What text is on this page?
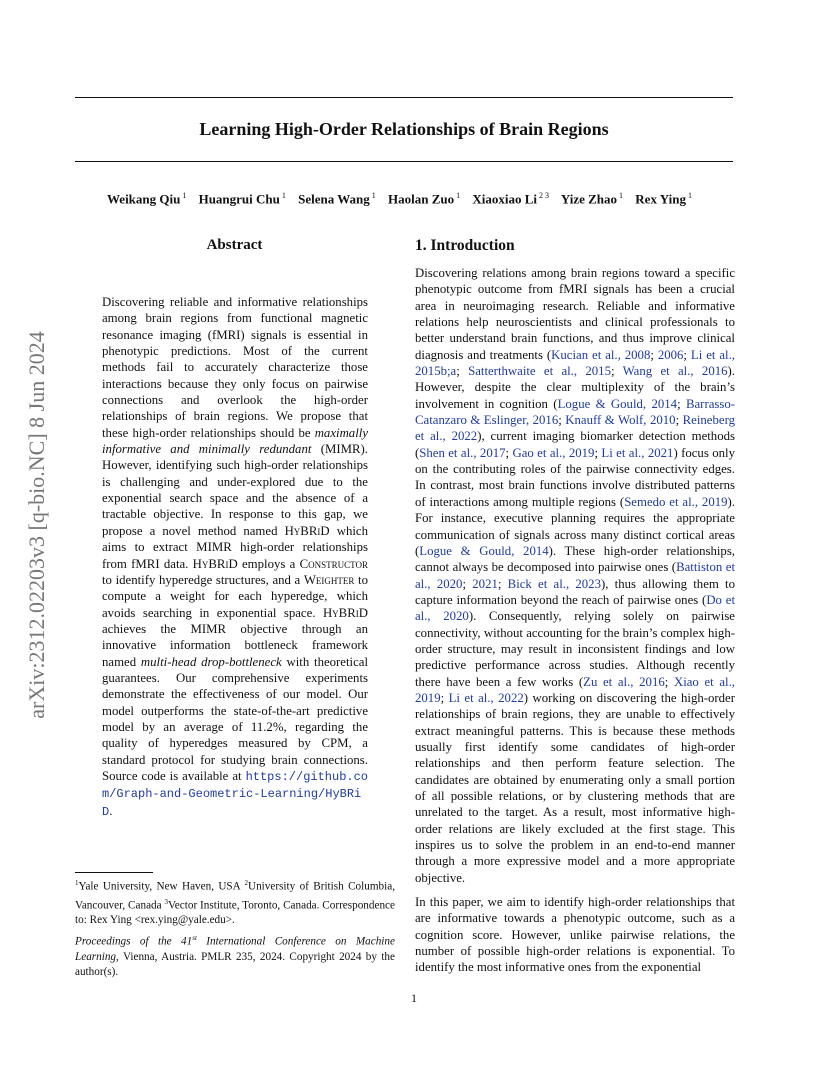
arXiv:2312.02203v3 [q-bio.NC] 8 Jun 2024
Learning High-Order Relationships of Brain Regions
Weikang Qiu $^1$ Huangrui Chu $^1$ Selena Wang $^1$ Haolan Zuo $^1$ Xiaoxiao Li $^{2 3}$ Yize Zhao $^1$ Rex Ying $^1$
Abstract

Discovering reliable and informative relationships among brain regions from functional magnetic resonance imaging (fMRI) signals is essential in phenotypic predictions. Most of the current methods fail to accurately characterize those interactions because they only focus on pairwise connections and overlook the high-order relationships of brain regions. We propose that these high-order relationships should be maximally informative and minimally redundant (MIMR). However, identifying such high-order relationships is challenging and under-explored due to the exponential search space and the absence of a tractable objective. In response to this gap, we propose a novel method named HyBRiD which aims to extract MIMR high-order relationships from fMRI data. HyBRiD employs a Constructor to identify hyperedge structures, and a Weighter to compute a weight for each hyperedge, which avoids searching in exponential space. HyBRiD achieves the MIMR objective through an innovative information bottleneck framework named multi-head drop-bottleneck with theoretical guarantees. Our comprehensive experiments demonstrate the effectiveness of our model. Our model outperforms the state-of-the-art predictive model by an average of 11.2%, regarding the quality of hyperedges measured by CPM, a standard protocol for studying brain connections. Source code is available at https://github.com/Graph-and-Geometric-Learning/HyBRiD.

1. Introduction

Discovering relations among brain regions toward a specific phenotypic outcome from fMRI signals has been a crucial area in neuroimaging research. Reliable and informative relations help neuroscientists and clinical professionals to better understand brain functions, and thus improve clinical diagnosis and treatments (Kucian et al., 2008; 2006; Li et al., 2015b;a; Satterthwaite et al., 2015; Wang et al., 2016). However, despite the clear multiplexity of the brain’s involvement in cognition (Logue & Gould, 2014; Barrasso-Catanzaro & Eslinger, 2016; Knauff & Wolf, 2010; Reineberg et al., 2022), current imaging biomarker detection methods (Shen et al., 2017; Gao et al., 2019; Li et al., 2021) focus only on the contributing roles of the pairwise connectivity edges. In contrast, most brain functions involve distributed patterns of interactions among multiple regions (Semedo et al., 2019). For instance, executive planning requires the appropriate communication of signals across many distinct cortical areas (Logue & Gould, 2014). These high-order relationships, cannot always be decomposed into pairwise ones (Battiston et al., 2020; 2021; Bick et al., 2023), thus allowing them to capture information beyond the reach of pairwise ones (Do et al., 2020). Consequently, relying solely on pairwise connectivity, without accounting for the brain’s complex high-order structure, may result in inconsistent findings and low predictive performance across studies. Although recently there have been a few works (Zu et al., 2016; Xiao et al., 2019; Li et al., 2022) working on discovering the high-order relationships of brain regions, they are unable to effectively extract meaningful patterns. This is because these methods usually first identify some candidates of high-order relationships and then perform feature selection. The candidates are obtained by enumerating only a small portion of all possible relations, or by clustering methods that are unrelated to the target. As a result, most informative high-order relations are likely excluded at the first stage. This inspires us to solve the problem in an end-to-end manner through a more expressive model and a more appropriate objective.

In this paper, we aim to identify high-order relationships that are informative towards a phenotypic outcome, such as a cognition score. However, unlike pairwise relations, the number of possible high-order relations is exponential. To identify the most informative ones from the exponential

$^1$Yale University, New Haven, USA $^2$University of British Columbia, Vancouver, Canada $^3$Vector Institute, Toronto, Canada. Correspondence to: Rex Ying <rex.ying@yale.edu>.
Proceedings of the 41st International Conference on Machine Learning, Vienna, Austria. PMLR 235, 2024. Copyright 2024 by the author(s).
1
